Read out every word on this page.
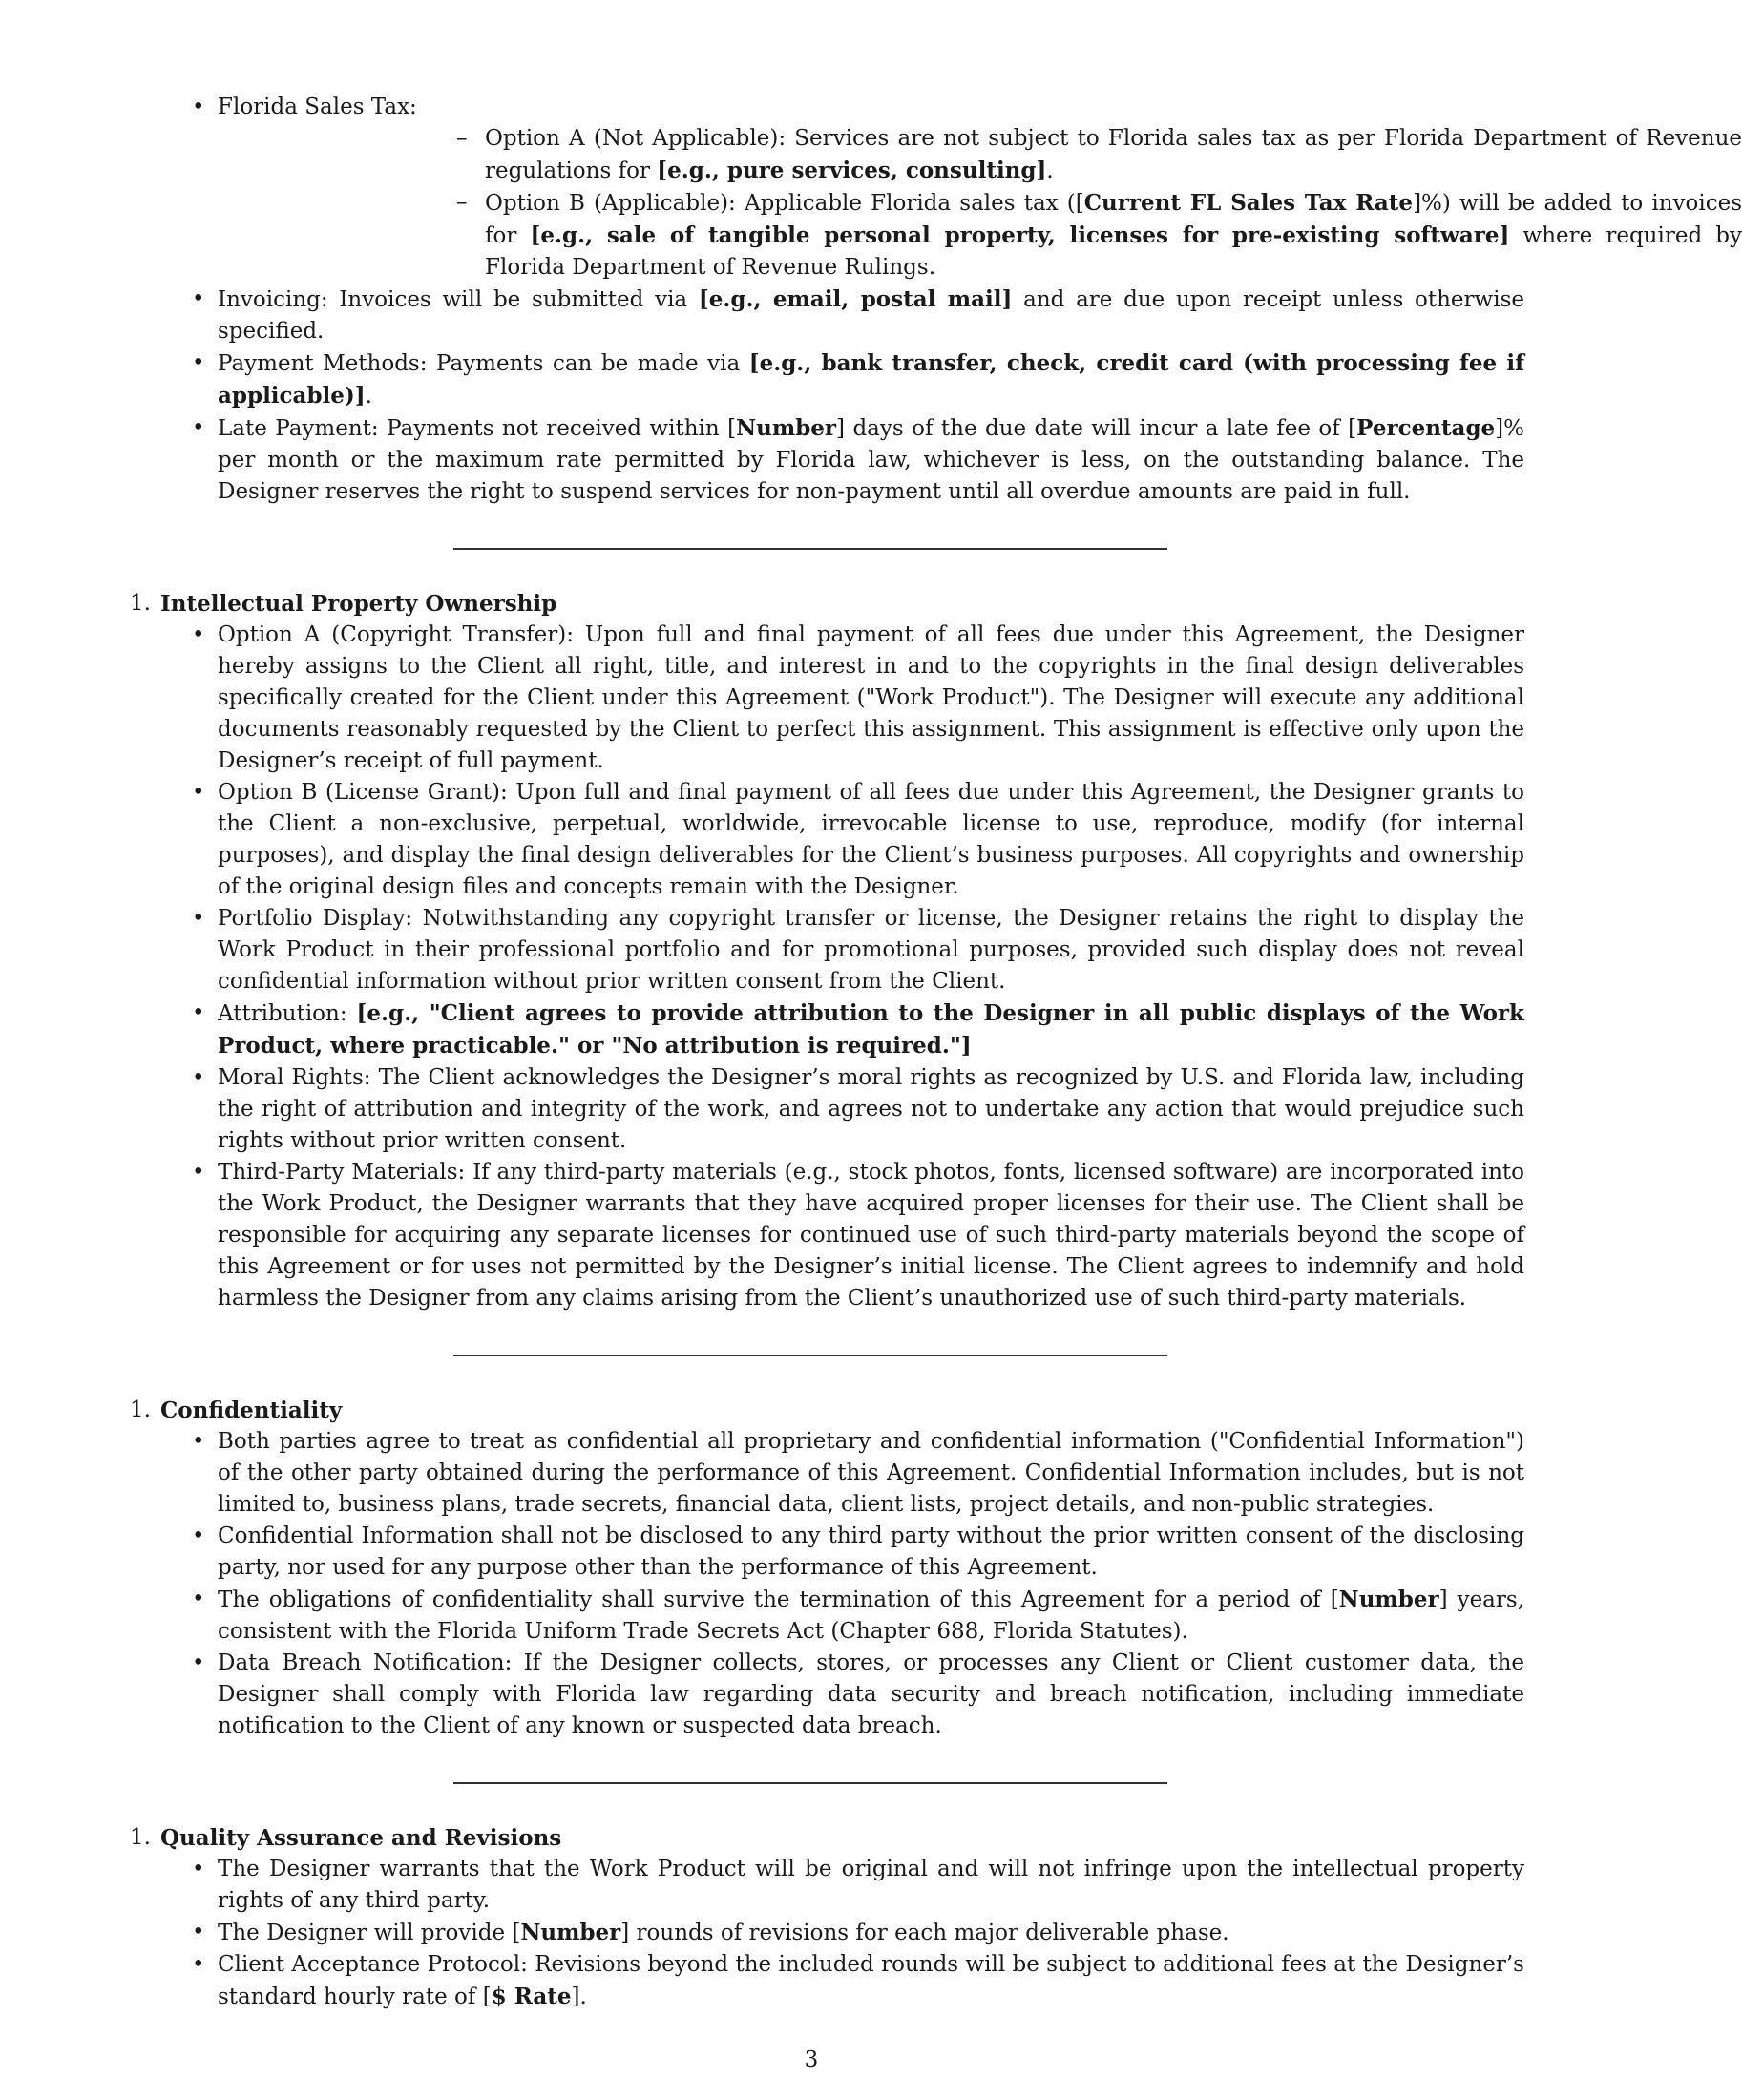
• Florida Sales Tax:
– Option A (Not Applicable): Services are not subject to Florida sales tax as per Florida Department of Revenue regulations for [e.g., pure services, consulting].
– Option B (Applicable): Applicable Florida sales tax ([Current FL Sales Tax Rate]%) will be added to invoices for [e.g., sale of tangible personal property, licenses for pre-existing software] where required by Florida Department of Revenue Rulings.
• Invoicing: Invoices will be submitted via [e.g., email, postal mail] and are due upon receipt unless otherwise specified.
• Payment Methods: Payments can be made via [e.g., bank transfer, check, credit card (with processing fee if applicable)].
• Late Payment: Payments not received within [Number] days of the due date will incur a late fee of [Percentage]% per month or the maximum rate permitted by Florida law, whichever is less, on the outstanding balance. The Designer reserves the right to suspend services for non-payment until all overdue amounts are paid in full.
1. Intellectual Property Ownership
• Option A (Copyright Transfer): Upon full and final payment of all fees due under this Agreement, the Designer hereby assigns to the Client all right, title, and interest in and to the copyrights in the final design deliverables specifically created for the Client under this Agreement ("Work Product"). The Designer will execute any additional documents reasonably requested by the Client to perfect this assignment. This assignment is effective only upon the Designer’s receipt of full payment.
• Option B (License Grant): Upon full and final payment of all fees due under this Agreement, the Designer grants to the Client a non-exclusive, perpetual, worldwide, irrevocable license to use, reproduce, modify (for internal purposes), and display the final design deliverables for the Client’s business purposes. All copyrights and ownership of the original design files and concepts remain with the Designer.
• Portfolio Display: Notwithstanding any copyright transfer or license, the Designer retains the right to display the Work Product in their professional portfolio and for promotional purposes, provided such display does not reveal confidential information without prior written consent from the Client.
• Attribution: [e.g., "Client agrees to provide attribution to the Designer in all public displays of the Work Product, where practicable." or "No attribution is required."]
• Moral Rights: The Client acknowledges the Designer’s moral rights as recognized by U.S. and Florida law, including the right of attribution and integrity of the work, and agrees not to undertake any action that would prejudice such rights without prior written consent.
• Third-Party Materials: If any third-party materials (e.g., stock photos, fonts, licensed software) are incorporated into the Work Product, the Designer warrants that they have acquired proper licenses for their use. The Client shall be responsible for acquiring any separate licenses for continued use of such third-party materials beyond the scope of this Agreement or for uses not permitted by the Designer’s initial license. The Client agrees to indemnify and hold harmless the Designer from any claims arising from the Client’s unauthorized use of such third-party materials.
1. Confidentiality
• Both parties agree to treat as confidential all proprietary and confidential information ("Confidential Information") of the other party obtained during the performance of this Agreement. Confidential Information includes, but is not limited to, business plans, trade secrets, financial data, client lists, project details, and non-public strategies.
• Confidential Information shall not be disclosed to any third party without the prior written consent of the disclosing party, nor used for any purpose other than the performance of this Agreement.
• The obligations of confidentiality shall survive the termination of this Agreement for a period of [Number] years, consistent with the Florida Uniform Trade Secrets Act (Chapter 688, Florida Statutes).
• Data Breach Notification: If the Designer collects, stores, or processes any Client or Client customer data, the Designer shall comply with Florida law regarding data security and breach notification, including immediate notification to the Client of any known or suspected data breach.
1. Quality Assurance and Revisions
• The Designer warrants that the Work Product will be original and will not infringe upon the intellectual property rights of any third party.
• The Designer will provide [Number] rounds of revisions for each major deliverable phase.
• Client Acceptance Protocol: Revisions beyond the included rounds will be subject to additional fees at the Designer’s standard hourly rate of [$ Rate].
3
